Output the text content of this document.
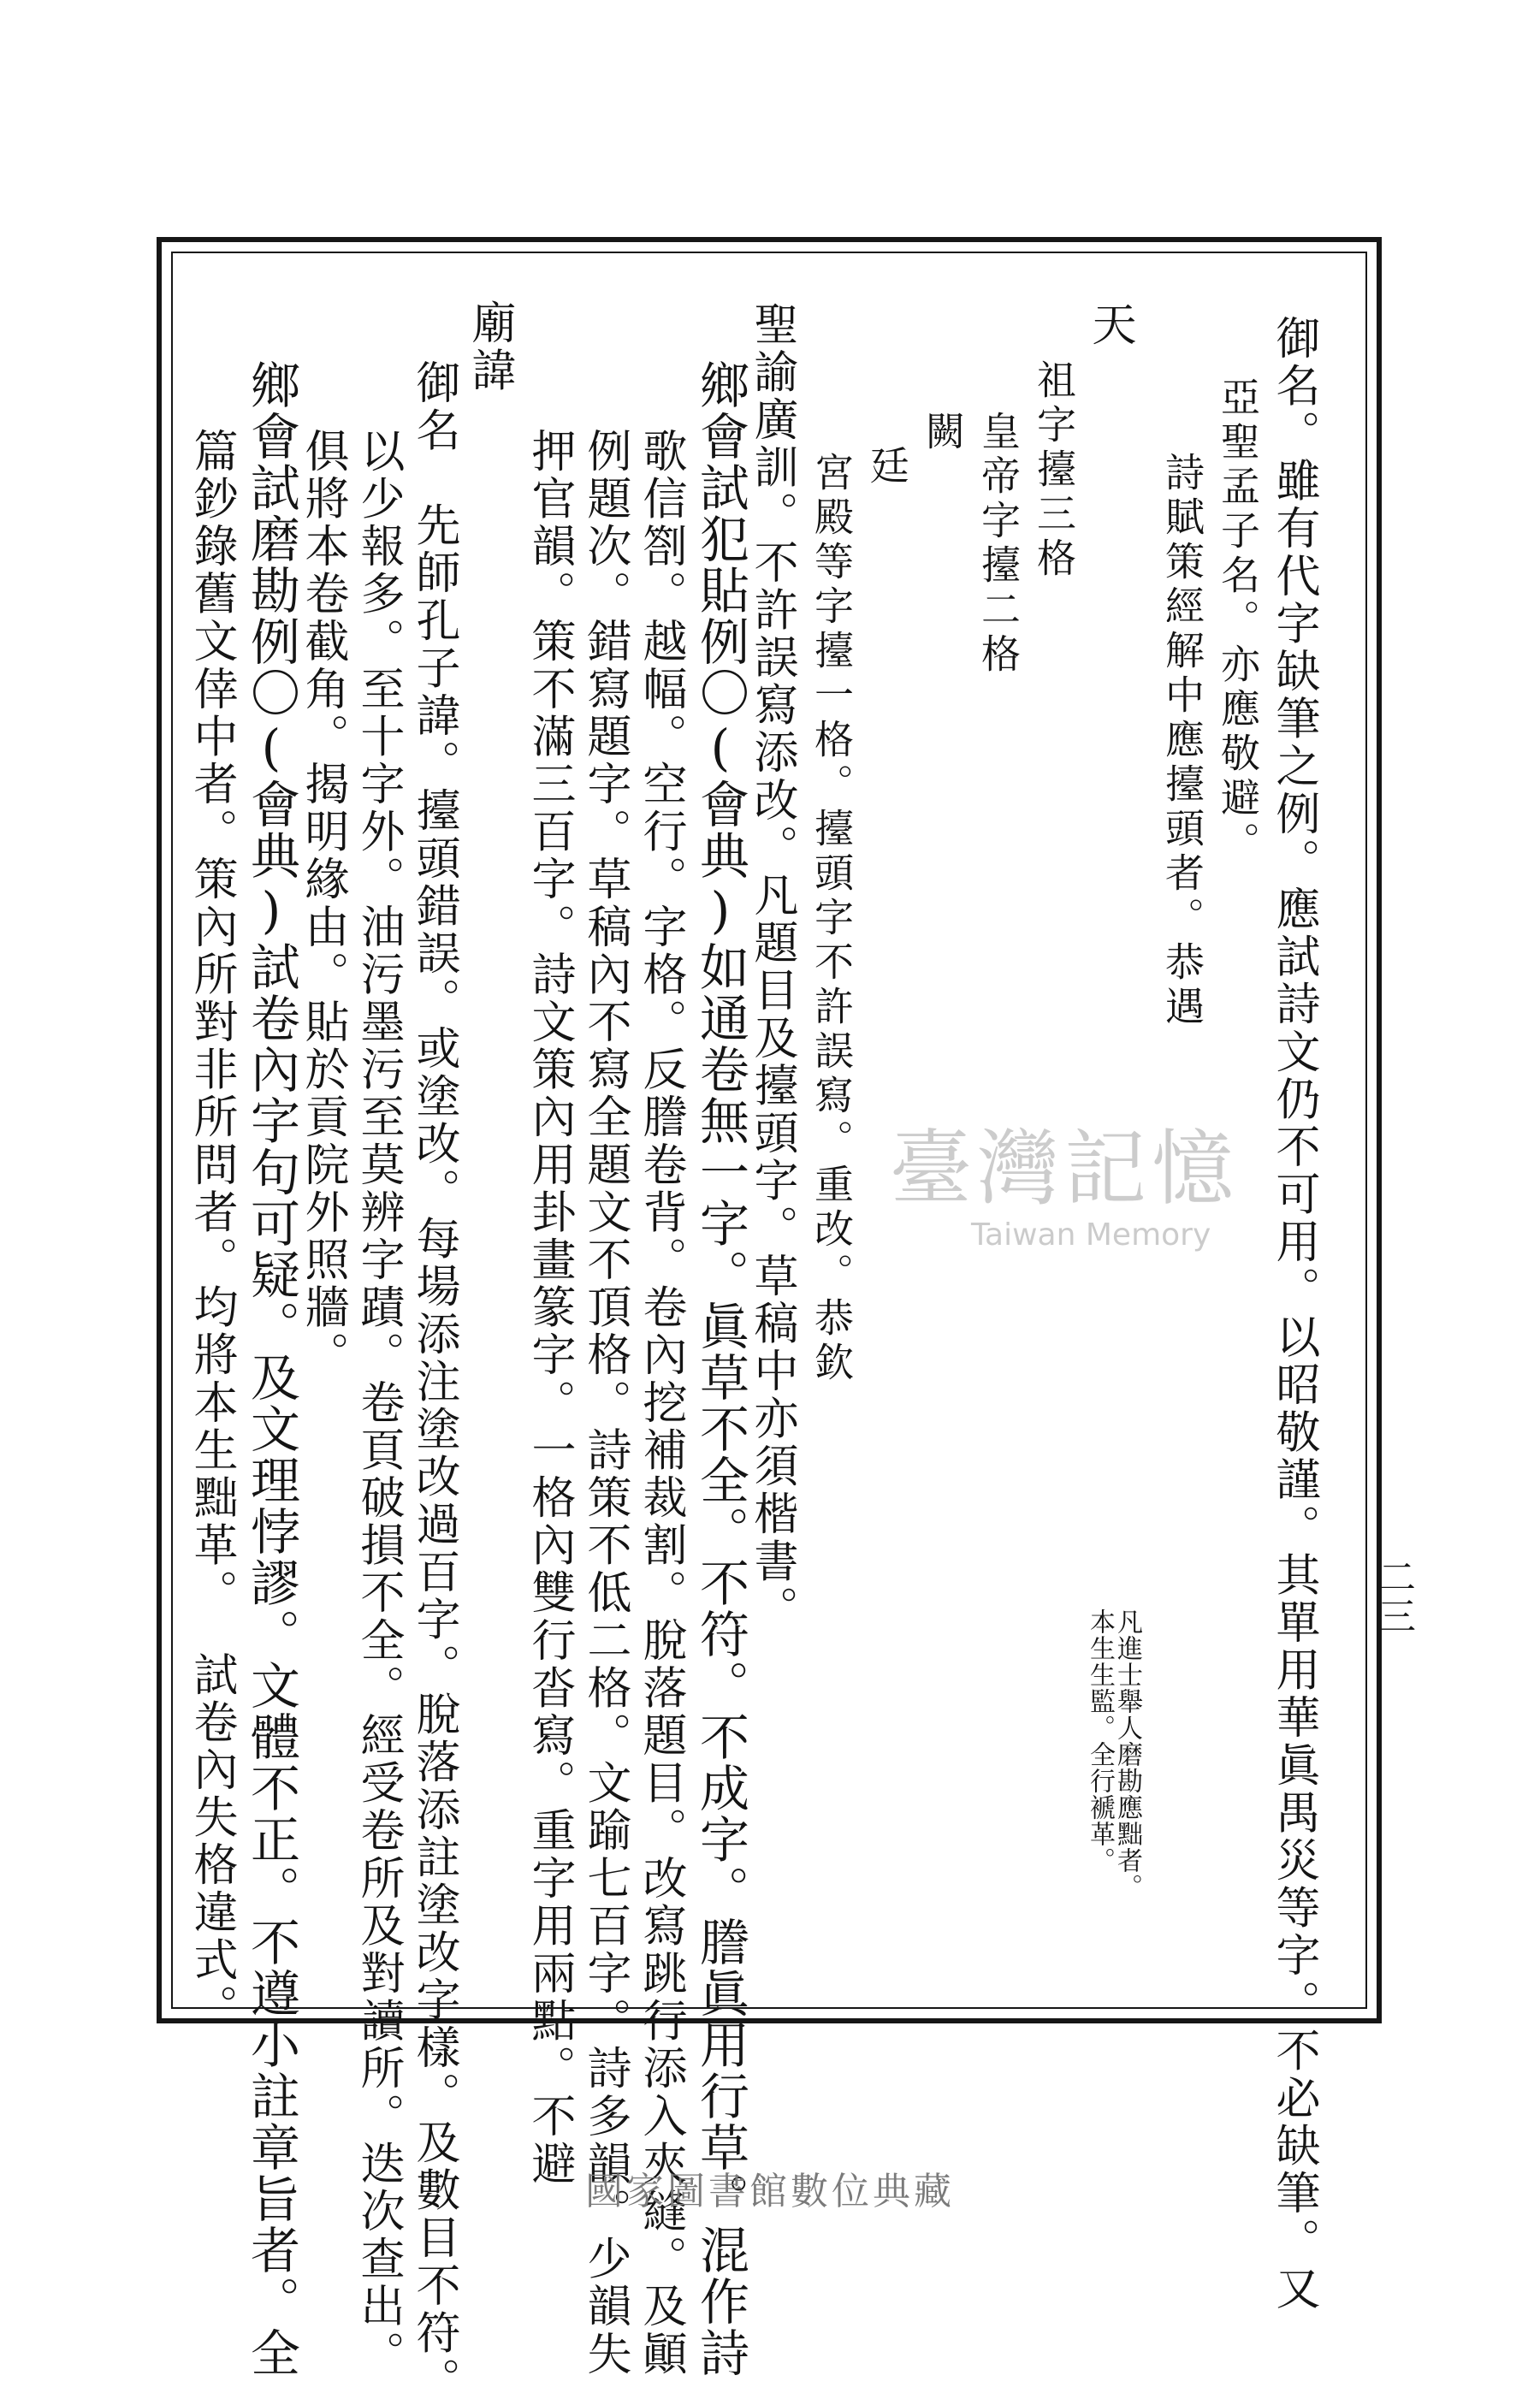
二三
御名。雖有代字缺筆之例。應試詩文仍不可用。以昭敬謹。其單用華眞禺災等字。不必缺筆。又
亞聖孟子名。亦應敬避。
詩賦策經解中應擡頭者。恭遇
天
祖字擡三格
皇帝字擡二格
闕
廷
宮殿等字擡一格。擡頭字不許誤寫。重改。恭欽
聖諭廣訓。不許誤寫添改。凡題目及擡頭字。草稿中亦須楷書。
鄉會試犯貼例〇(會典)如通卷無一字。眞草不全。不符。不成字。謄眞用行草。混作詩
歌信劄。越幅。空行。字格。反謄卷背。卷內挖補裁割。脫落題目。改寫跳行添入夾縫。及顚
例題次。錯寫題字。草稿內不寫全題文不頂格。詩策不低二格。文踰七百字。詩多韻。少韻失
押官韻。策不滿三百字。詩文策內用卦畫篆字。一格內雙行沓寫。重字用兩點。不避
廟諱
御名　先師孔子諱。擡頭錯誤。或塗改。每場添注塗改過百字。脫落添註塗改字樣。及數目不符。
以少報多。至十字外。油污墨污至莫辨字蹟。卷頁破損不全。經受卷所及對讀所。迭次查出。
俱將本卷截角。揭明緣由。貼於貢院外照牆。
鄉會試磨勘例〇(會典)試卷內字句可疑。及文理悖謬。文體不正。不遵小註章旨者。全
篇鈔錄舊文倖中者。策內所對非所問者。均將本生黜革。
試卷內失格違式。	凡進士舉人磨勘應黜者。
本生生監。全行褫革。
臺灣記憶
Taiwan Memory
國家圖書館數位典藏
